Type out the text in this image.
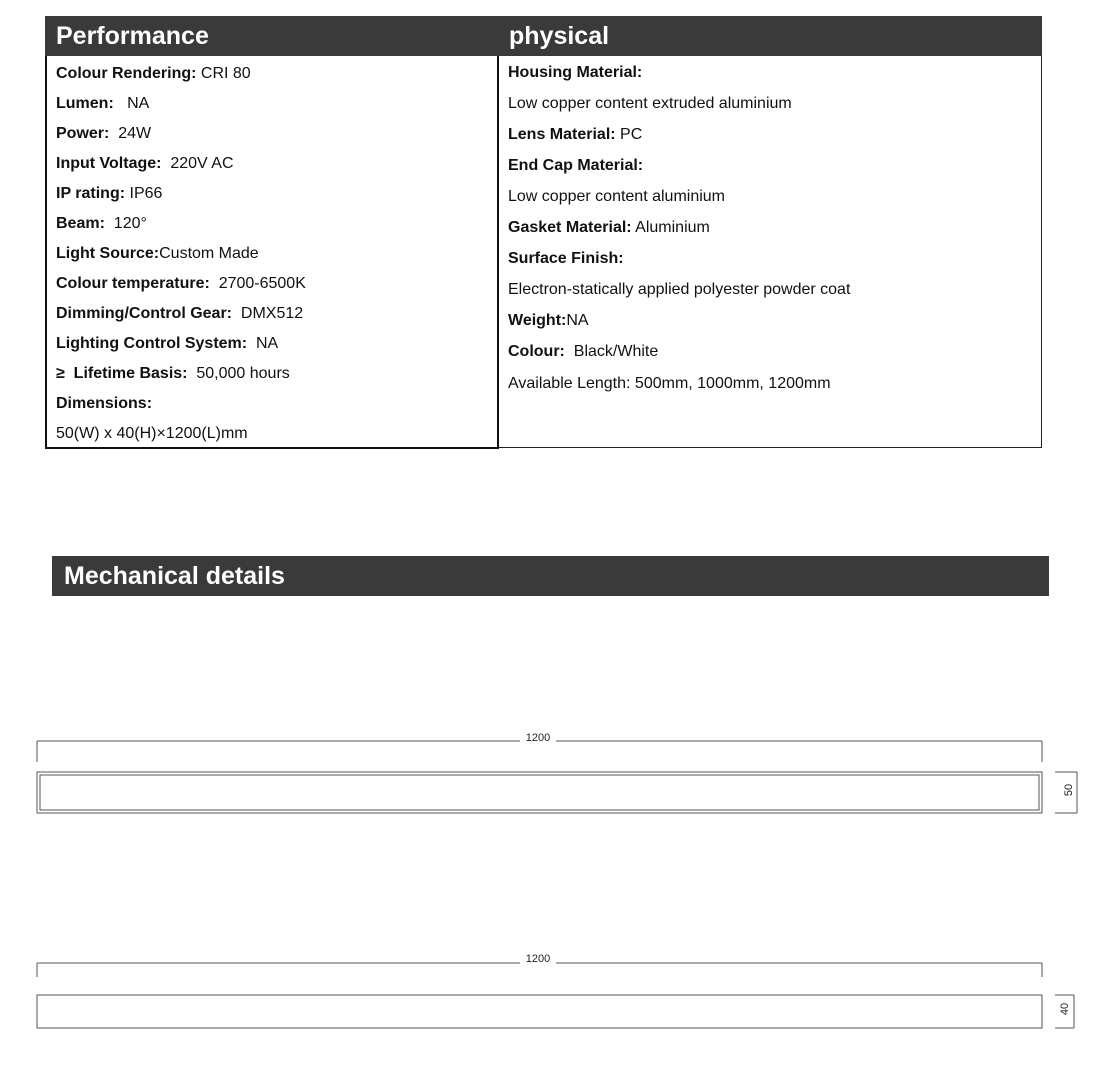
Performance	physical
Colour Rendering: CRI 80
Lumen:   NA
Power:  24W
Input Voltage:  220V AC
IP rating: IP66
Beam:  120°
Light Source:Custom Made
Colour temperature:  2700-6500K
Dimming/Control Gear:  DMX512
Lighting Control System:  NA
≥  Lifetime Basis:  50,000 hours
Dimensions:
50(W) x 40(H)×1200(L)mm
Housing Material:
Low copper content extruded aluminium
Lens Material: PC
End Cap Material:
Low copper content aluminium
Gasket Material: Aluminium
Surface Finish:
Electron-statically applied polyester powder coat
Weight:NA
Colour:  Black/White
Available Length: 500mm, 1000mm, 1200mm
Mechanical details
1200
50
1200
40
